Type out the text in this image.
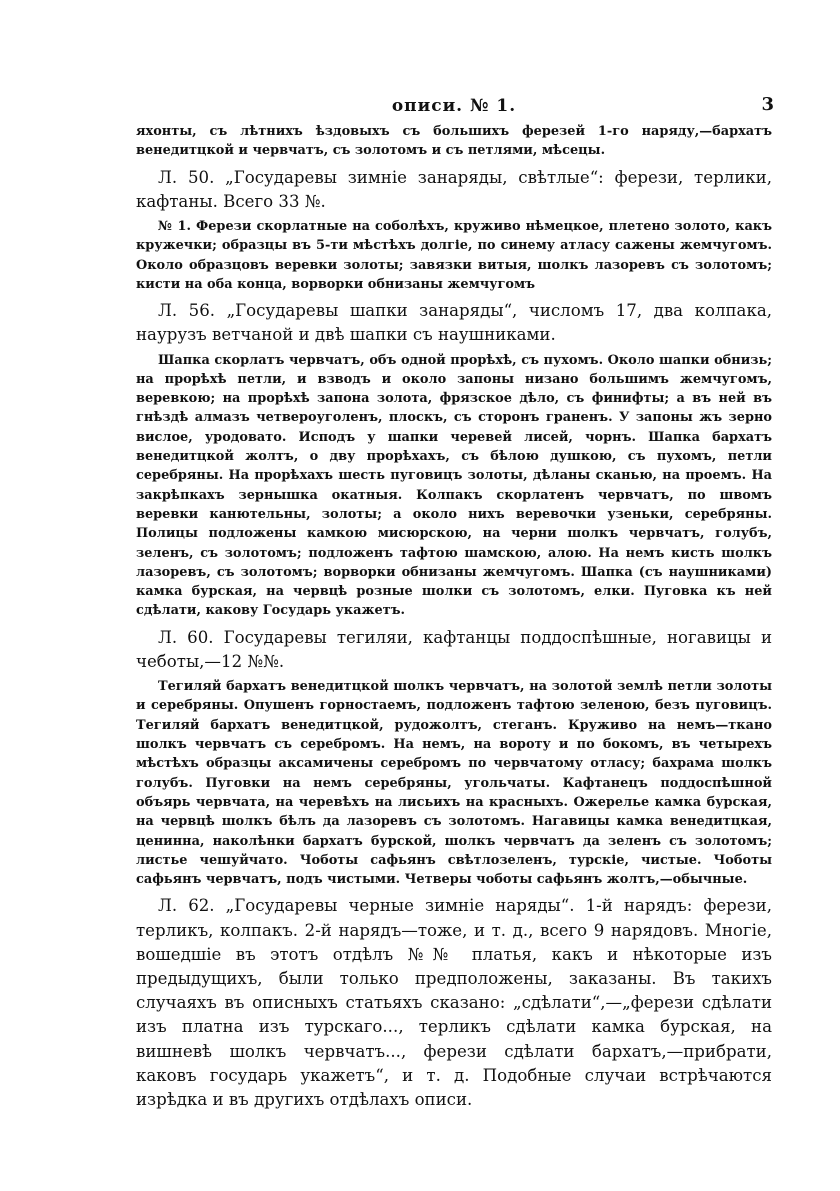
описи. № 1.	3

яхонты, съ лѣтнихъ ѣздовыхъ съ большихъ ферезей 1-го наряду,—бархатъ венедитцкой и червчатъ, съ золотомъ и съ петлями, мѣсецы.

Л. 50. „Государевы зимніе занаряды, свѣтлые“: ферези, терлики, кафтаны. Всего 33 №.

№ 1. Ферези скорлатные на соболѣхъ, круживо нѣмецкое, плетено золото, какъ кружечки; образцы въ 5-ти мѣстѣхъ долгіе, по синему атласу сажены жемчугомъ. Около образцовъ веревки золоты; завязки витыя, шолкъ лазоревъ съ золотомъ; кисти на оба конца, ворворки обнизаны жемчугомъ

Л. 56. „Государевы шапки занаряды“, числомъ 17, два колпака, наурузъ ветчаной и двѣ шапки съ наушниками.

Шапка скорлатъ червчатъ, объ одной прорѣхѣ, съ пухомъ. Около шапки обнизь; на прорѣхѣ петли, и взводъ и около запоны низано большимъ жемчугомъ, веревкою; на прорѣхѣ запона золота, фрязское дѣло, съ финифты; а въ ней въ гнѣздѣ алмазъ четвероуголенъ, плоскъ, съ сторонъ граненъ. У запоны жъ зерно вислое, уродовато. Исподъ у шапки черевей лисей, чорнъ. Шапка бархатъ венедитцкой жолтъ, о дву прорѣхахъ, съ бѣлою душкою, съ пухомъ, петли серебряны. На прорѣхахъ шесть пуговицъ золоты, дѣланы сканью, на проемъ. На закрѣпкахъ зернышка окатныя. Колпакъ скорлатенъ червчатъ, по швомъ веревки канютельны, золоты; а около нихъ веревочки узеньки, серебряны. Полицы подложены камкою мисюрскою, на черни шолкъ червчатъ, голубъ, зеленъ, съ золотомъ; подложенъ тафтою шамскою, алою. На немъ кисть шолкъ лазоревъ, съ золотомъ; ворворки обнизаны жемчугомъ. Шапка (съ наушниками) камка бурская, на червцѣ розные шолки съ золотомъ, елки. Пуговка къ ней сдѣлати, какову Государь укажетъ.

Л. 60. Государевы тегиляи, кафтанцы поддоспѣшные, ногавицы и чеботы,—12 №№.

Тегиляй бархатъ венедитцкой шолкъ червчатъ, на золотой землѣ петли золоты и серебряны. Опушенъ горностаемъ, подложенъ тафтою зеленою, безъ пуговицъ. Тегиляй бархатъ венедитцкой, рудожолтъ, стеганъ. Круживо на немъ—ткано шолкъ червчатъ съ серебромъ. На немъ, на вороту и по бокомъ, въ четырехъ мѣстѣхъ образцы аксамичены серебромъ по червчатому отласу; бахрама шолкъ голубъ. Пуговки на немъ серебряны, угольчаты. Кафтанецъ поддоспѣшной объярь червчата, на черевѣхъ на лисьихъ на красныхъ. Ожерелье камка бурская, на червцѣ шолкъ бѣлъ да лазоревъ съ золотомъ. Нагавицы камка венедитцкая, ценинна, наколѣнки бархатъ бурской, шолкъ червчатъ да зеленъ съ золотомъ; листье чешуйчато. Чоботы сафьянъ свѣтлозеленъ, турскіе, чистые. Чоботы сафьянъ червчатъ, подъ чистыми. Четверы чоботы сафьянъ жолтъ,—обычные.

Л. 62. „Государевы черные зимніе наряды“. 1-й нарядъ: ферези, терликъ, колпакъ. 2-й нарядъ—тоже, и т. д., всего 9 нарядовъ. Многіе, вошедшіе въ этотъ отдѣлъ №№ платья, какъ и нѣкоторые изъ предыдущихъ, были только предположены, заказаны. Въ такихъ случаяхъ въ описныхъ статьяхъ сказано: „сдѣлати“,—„ферези сдѣлати изъ платна изъ турскаго...‚ терликъ сдѣлати камка бурская, на вишневѣ шолкъ червчатъ...‚ ферези сдѣлати бархатъ,—прибрати, каковъ государь укажетъ“, и т. д. Подобные случаи встрѣчаются изрѣдка и въ другихъ отдѣлахъ описи.
